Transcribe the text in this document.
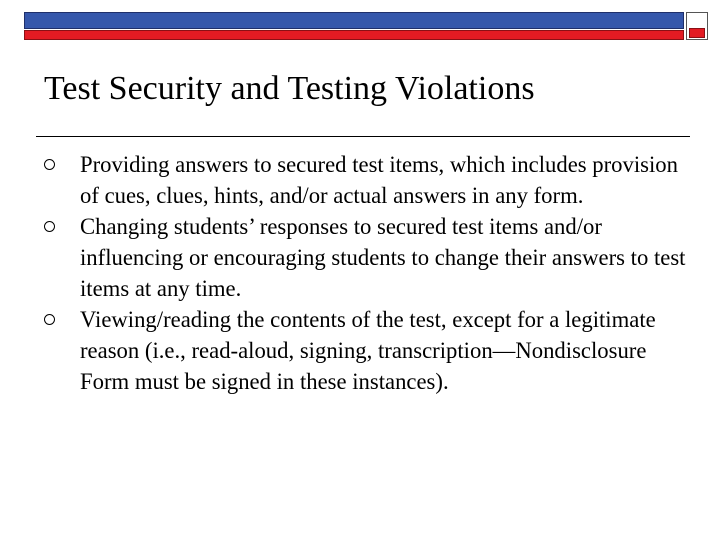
Test Security and Testing Violations
Providing answers to secured test items, which includes provision of cues, clues, hints, and/or actual answers in any form.
Changing students’ responses to secured test items and/or influencing or encouraging students to change their answers to test items at any time.
Viewing/reading the contents of the test, except for a legitimate reason (i.e., read-aloud, signing, transcription—Nondisclosure Form must be signed in these instances).
